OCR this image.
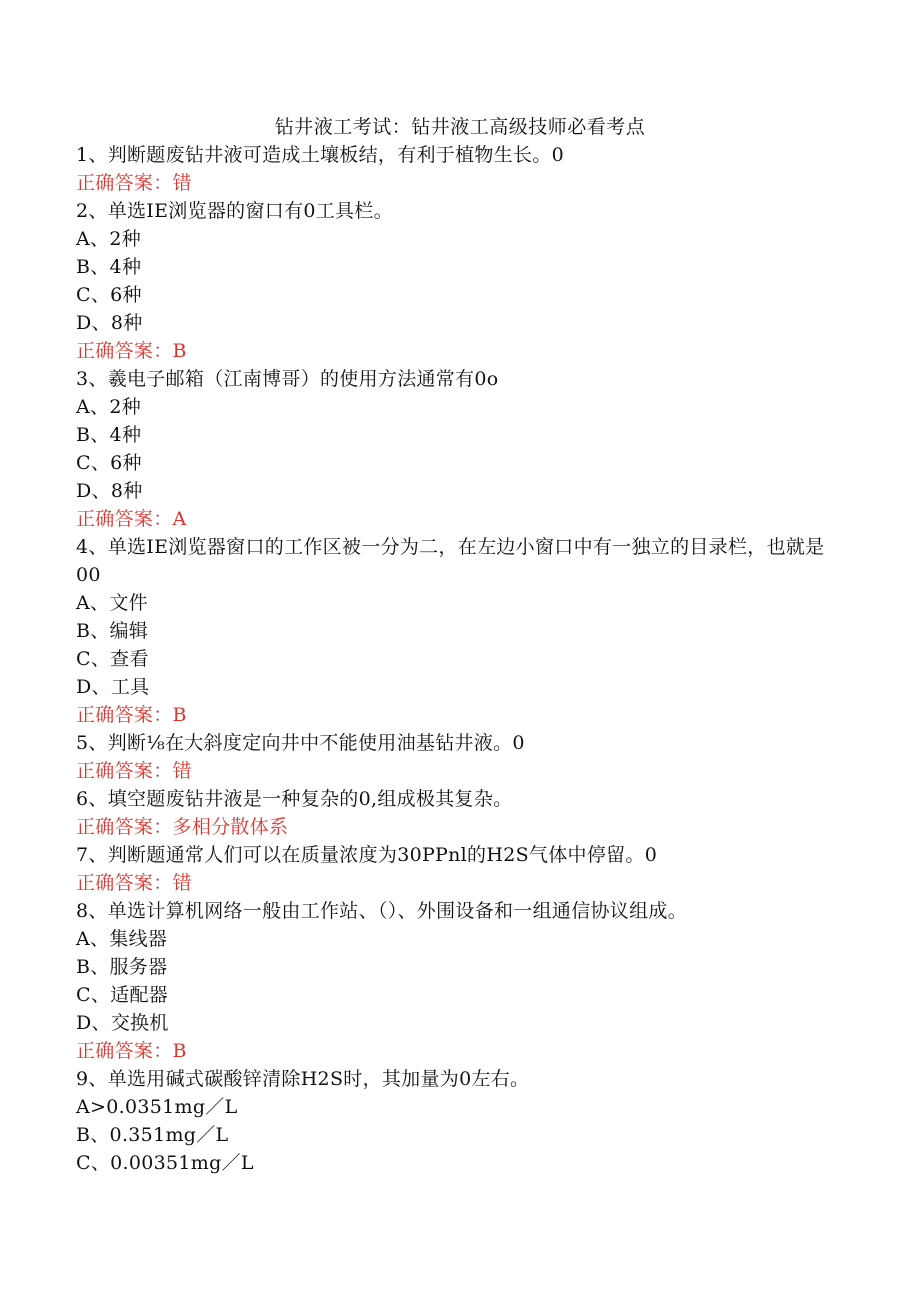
钻井液工考试：钻井液工高级技师必看考点
1、判断题废钻井液可造成土壤板结，有利于植物生长。0
正确答案：错
2、单选IE浏览器的窗口有0工具栏。
A、2种
B、4种
C、6种
D、8种
正确答案：B
3、羲电子邮箱（江南博哥）的使用方法通常有0o
A、2种
B、4种
C、6种
D、8种
正确答案：A
4、单选IE浏览器窗口的工作区被一分为二，在左边小窗口中有一独立的目录栏，也就是00
A、文件
B、编辑
C、查看
D、工具
正确答案：B
5、判断⅛在大斜度定向井中不能使用油基钻井液。0
正确答案：错
6、填空题废钻井液是一种复杂的0,组成极其复杂。
正确答案：多相分散体系
7、判断题通常人们可以在质量浓度为30PPnl的H2S气体中停留。0
正确答案：错
8、单选计算机网络一般由工作站、（）、外围设备和一组通信协议组成。
A、集线器
B、服务器
C、适配器
D、交换机
正确答案：B
9、单选用碱式碳酸锌清除H2S时，其加量为0左右。
A>0.0351mg／L
B、0.351mg／L
C、0.00351mg／L
